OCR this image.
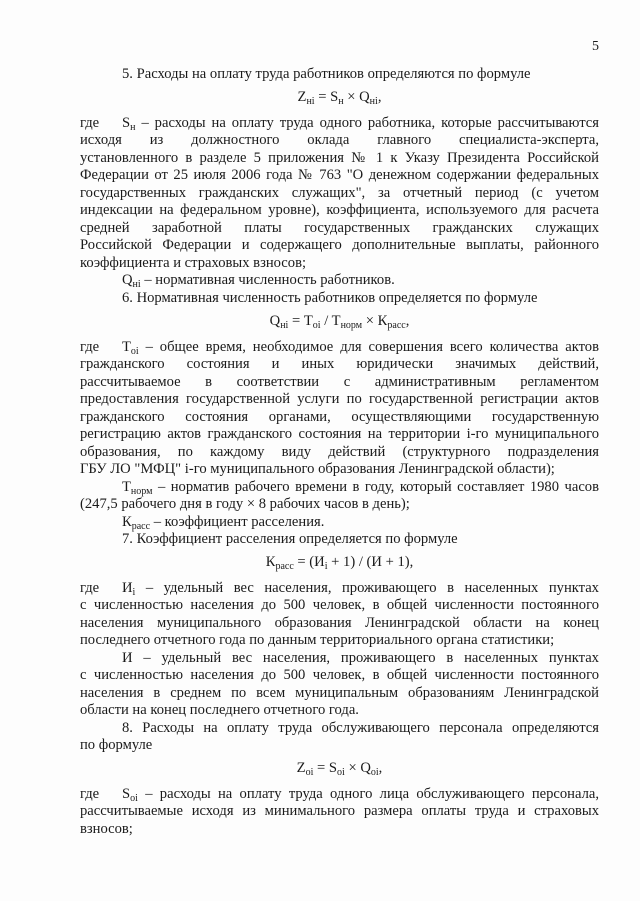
5
5. Расходы на оплату труда работников определяются по формуле
$Z_{ні} = S_н \times Q_{ні}$,
где $S_н$ – расходы на оплату труда одного работника, которые рассчитываются
исходя из должностного оклада главного специалиста-эксперта,
установленного в разделе 5 приложения № 1 к Указу Президента Российской
Федерации от 25 июля 2006 года № 763 "О денежном содержании федеральных
государственных гражданских служащих", за отчетный период (с учетом
индексации на федеральном уровне), коэффициента, используемого для расчета
средней заработной платы государственных гражданских служащих
Российской Федерации и содержащего дополнительные выплаты, районного
коэффициента и страховых взносов;
$Q_{ні}$ – нормативная численность работников.
6. Нормативная численность работников определяется по формуле
$Q_{ні} = T_{oi} / T_{норм} \times К_{расс}$,
где $T_{oi}$ – общее время, необходимое для совершения всего количества актов
гражданского состояния и иных юридически значимых действий,
рассчитываемое в соответствии с административным регламентом
предоставления государственной услуги по государственной регистрации актов
гражданского состояния органами, осуществляющими государственную
регистрацию актов гражданского состояния на территории i-го муниципального
образования, по каждому виду действий (структурного подразделения
ГБУ ЛО "МФЦ" i-го муниципального образования Ленинградской области);
$T_{норм}$ – норматив рабочего времени в году, который составляет 1980 часов
(247,5 рабочего дня в году × 8 рабочих часов в день);
$К_{расс}$ – коэффициент расселения.
7. Коэффициент расселения определяется по формуле
$К_{расс} = (И_i + 1) / (И + 1)$,
где $И_i$ – удельный вес населения, проживающего в населенных пунктах
с численностью населения до 500 человек, в общей численности постоянного
населения муниципального образования Ленинградской области на конец
последнего отчетного года по данным территориального органа статистики;
И – удельный вес населения, проживающего в населенных пунктах
с численностью населения до 500 человек, в общей численности постоянного
населения в среднем по всем муниципальным образованиям Ленинградской
области на конец последнего отчетного года.
8. Расходы на оплату труда обслуживающего персонала определяются
по формуле
$Z_{oi} = S_{oi} \times Q_{oi}$,
где $S_{oi}$ – расходы на оплату труда одного лица обслуживающего персонала,
рассчитываемые исходя из минимального размера оплаты труда и страховых
взносов;
